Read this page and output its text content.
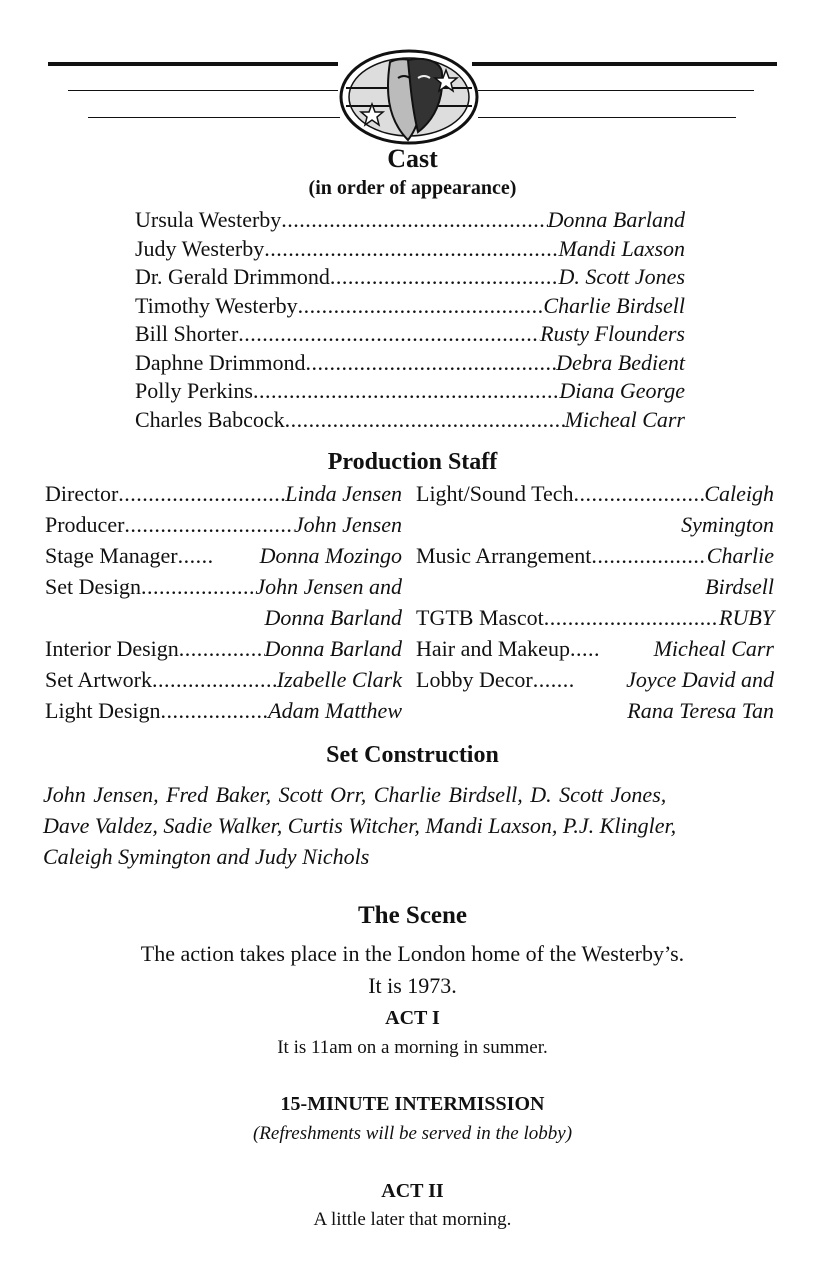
Cast
(in order of appearance)
Ursula Westerby .....	Donna Barland
Judy Westerby .....	Mandi Laxson
Dr. Gerald Drimmond .....	D. Scott Jones
Timothy Westerby .....	Charlie Birdsell
Bill Shorter .....	Rusty Flounders
Daphne Drimmond .....	Debra Bedient
Polly Perkins .....	Diana George
Charles Babcock .....	Micheal Carr
Production Staff
Director .....	Linda Jensen
Producer .....	John Jensen
Stage Manager .....	Donna Mozingo
Set Design .....	John Jensen and
Donna Barland
Interior Design .....	Donna Barland
Set Artwork .....	Izabelle Clark
Light Design .....	Adam Matthew
Light/Sound Tech .....	Caleigh
Symington
Music Arrangement .....	Charlie
Birdsell
TGTB Mascot .....	RUBY
Hair and Makeup .....	Micheal Carr
Lobby Decor .....	Joyce David and
Rana Teresa Tan
Set Construction
John Jensen, Fred Baker, Scott Orr, Charlie Birdsell, D. Scott Jones,
Dave Valdez, Sadie Walker, Curtis Witcher, Mandi Laxson, P.J. Klingler,
Caleigh Symington and Judy Nichols
The Scene
The action takes place in the London home of the Westerby’s.
It is 1973.
ACT I
It is 11am on a morning in summer.
15-MINUTE INTERMISSION
(Refreshments will be served in the lobby)
ACT II
A little later that morning.
